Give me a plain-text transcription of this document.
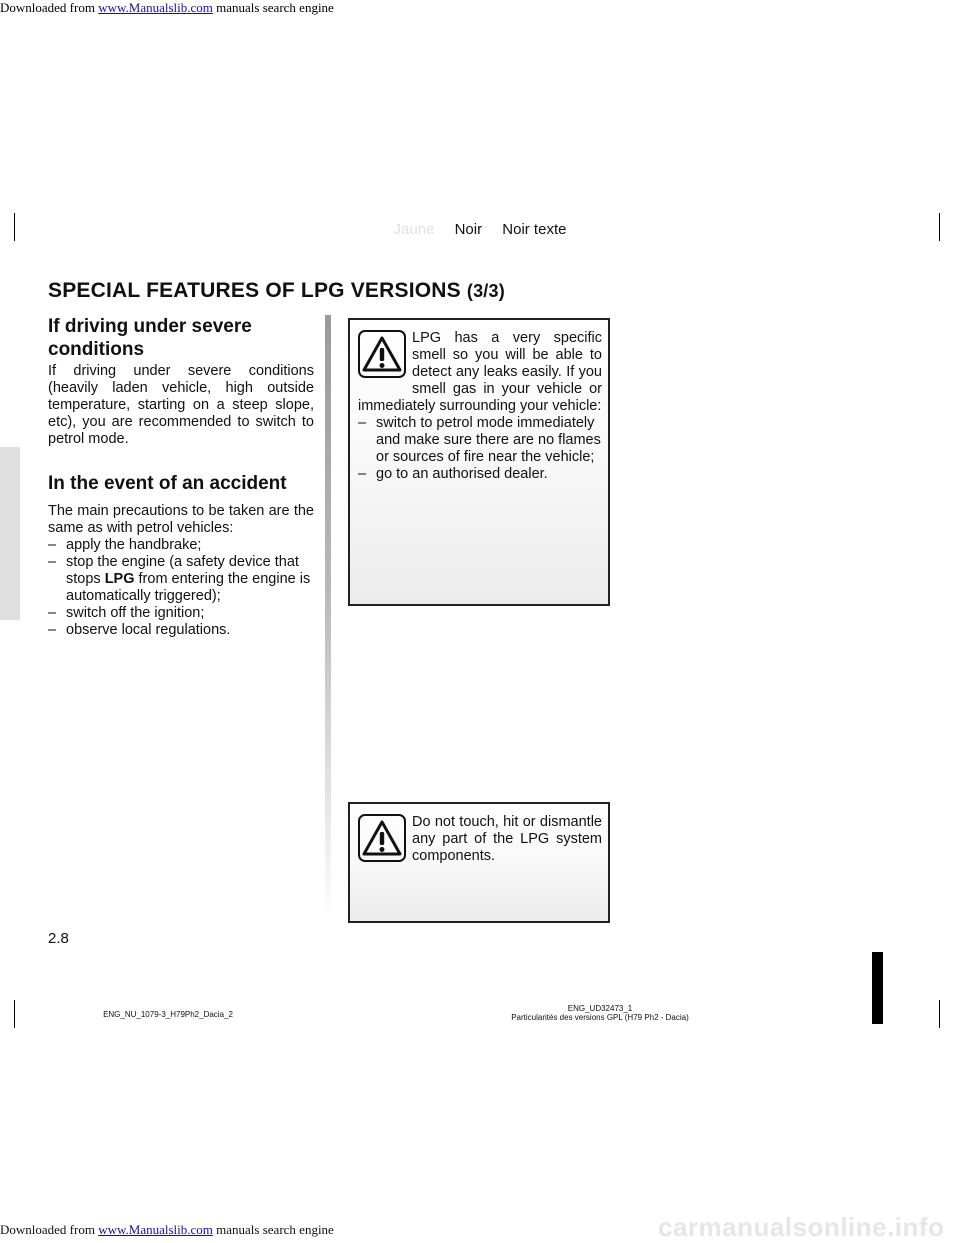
Downloaded from www.Manualslib.com manuals search engine
Jaune Noir Noir texte
SPECIAL FEATURES OF LPG VERSIONS (3/3)
If driving under severe conditions

If driving under severe conditions (heavily laden vehicle, high outside temperature, starting on a steep slope, etc), you are recommended to switch to petrol mode.

In the event of an accident

The main precautions to be taken are the same as with petrol vehicles:

– apply the handbrake;
– stop the engine (a safety device that stops LPG from entering the engine is automatically triggered);
– switch off the ignition;
– observe local regulations.
LPG has a very specific smell so you will be able to detect any leaks easily. If you smell gas in your vehicle or immediately surrounding your vehicle:
– switch to petrol mode immediately and make sure there are no flames or sources of fire near the vehicle;
– go to an authorised dealer.
Do not touch, hit or dismantle any part of the LPG system components.
2.8
ENG_NU_1079-3_H79Ph2_Dacia_2
ENG_UD32473_1
Particularités des versions GPL (H79 Ph2 - Dacia)
carmanualsonline.info
Downloaded from www.Manualslib.com manuals search engine
